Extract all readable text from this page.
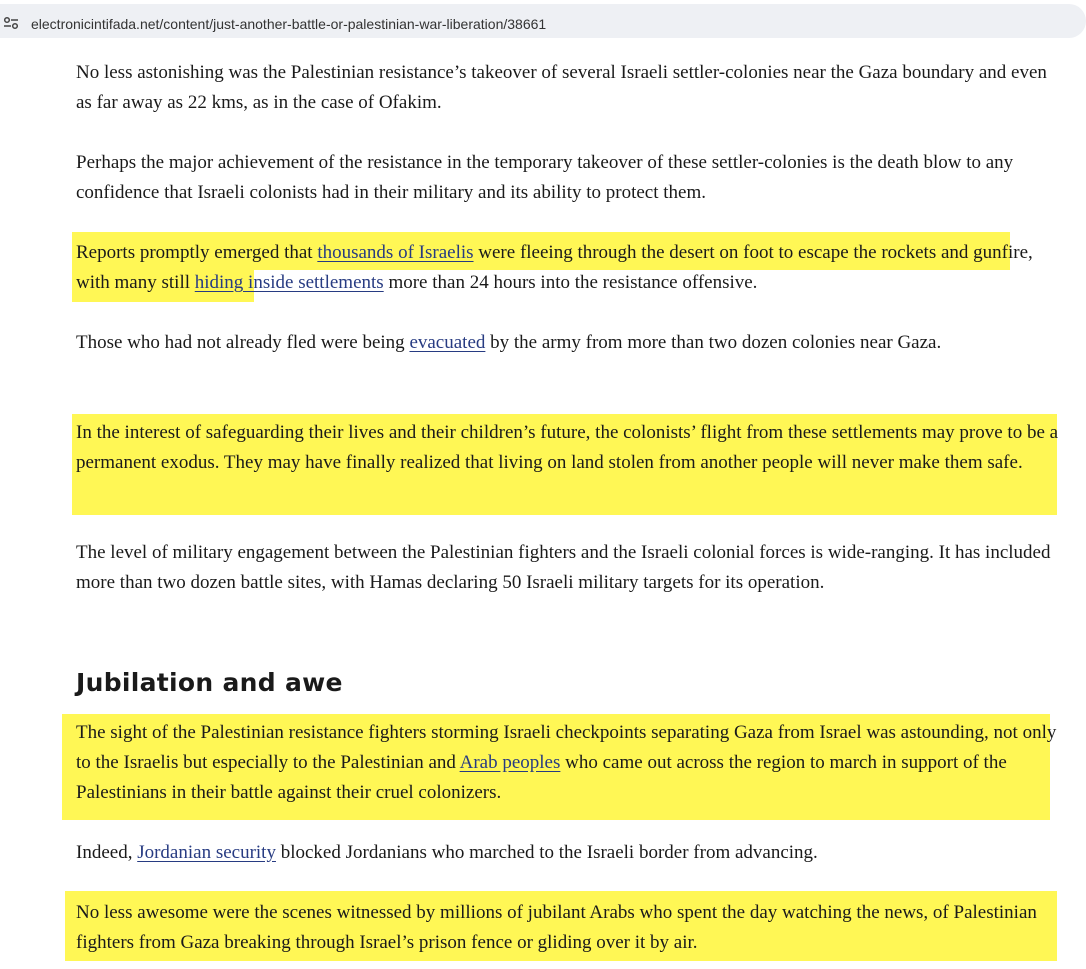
electronicintifada.net/content/just-another-battle-or-palestinian-war-liberation/38661

No less astonishing was the Palestinian resistance’s takeover of several Israeli settler-colonies near the Gaza boundary and even as far away as 22 kms, as in the case of Ofakim.

Perhaps the major achievement of the resistance in the temporary takeover of these settler-colonies is the death blow to any confidence that Israeli colonists had in their military and its ability to protect them.

Reports promptly emerged that thousands of Israelis were fleeing through the desert on foot to escape the rockets and gunfire, with many still hiding inside settlements more than 24 hours into the resistance offensive.

Those who had not already fled were being evacuated by the army from more than two dozen colonies near Gaza.

In the interest of safeguarding their lives and their children’s future, the colonists’ flight from these settlements may prove to be a permanent exodus. They may have finally realized that living on land stolen from another people will never make them safe.

The level of military engagement between the Palestinian fighters and the Israeli colonial forces is wide-ranging. It has included more than two dozen battle sites, with Hamas declaring 50 Israeli military targets for its operation.

Jubilation and awe

The sight of the Palestinian resistance fighters storming Israeli checkpoints separating Gaza from Israel was astounding, not only to the Israelis but especially to the Palestinian and Arab peoples who came out across the region to march in support of the Palestinians in their battle against their cruel colonizers.

Indeed, Jordanian security blocked Jordanians who marched to the Israeli border from advancing.

No less awesome were the scenes witnessed by millions of jubilant Arabs who spent the day watching the news, of Palestinian fighters from Gaza breaking through Israel’s prison fence or gliding over it by air.
